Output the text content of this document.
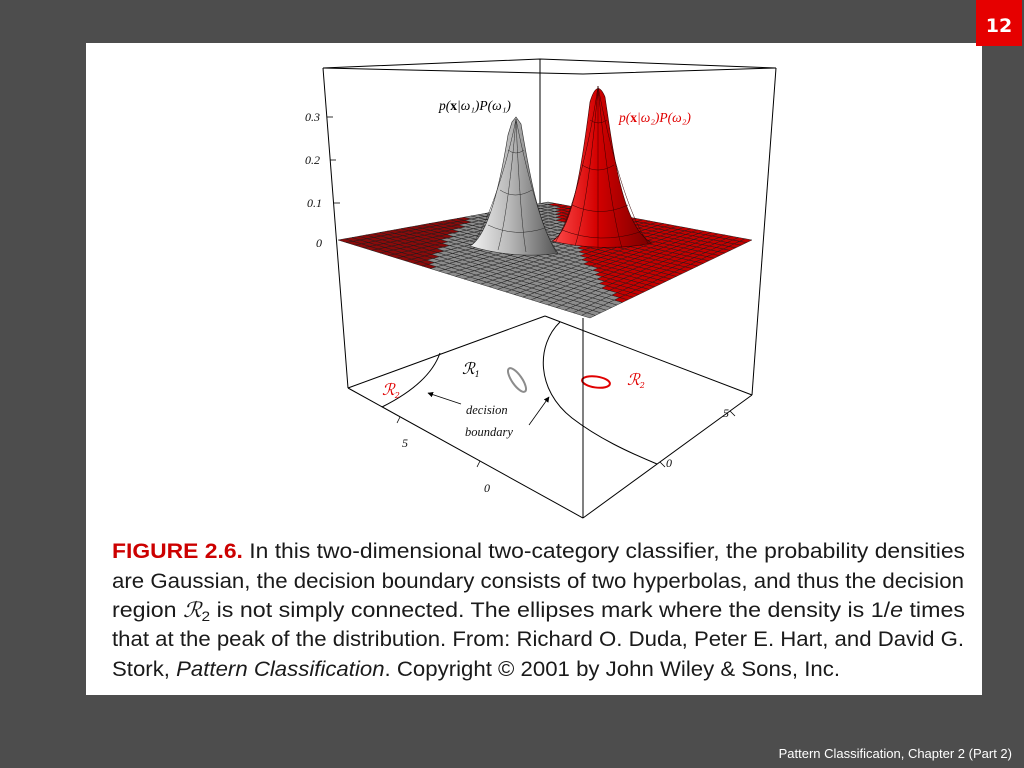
12
Pattern Classification, Chapter 2 (Part 2)
ℛ2
ℛ1	ℛ2
decision
boundary
5
0
5
0
0.3
0.2
0.1
0
p(x|ω₁)P(ω₁)
p(x|ω₂)P(ω₂)
FIGURE 2.6. In this two-dimensional two-category classifier, the probability densities
are Gaussian, the decision boundary consists of two hyperbolas, and thus the decision
region ℛ 2 is not simply connected. The ellipses mark where the density is	1/e times
that at the peak of the distribution. From: Richard O. Duda, Peter E. Hart, and David G.
Stork, Pattern Classification . Copyright © 2001 by John Wiley & Sons, Inc.
